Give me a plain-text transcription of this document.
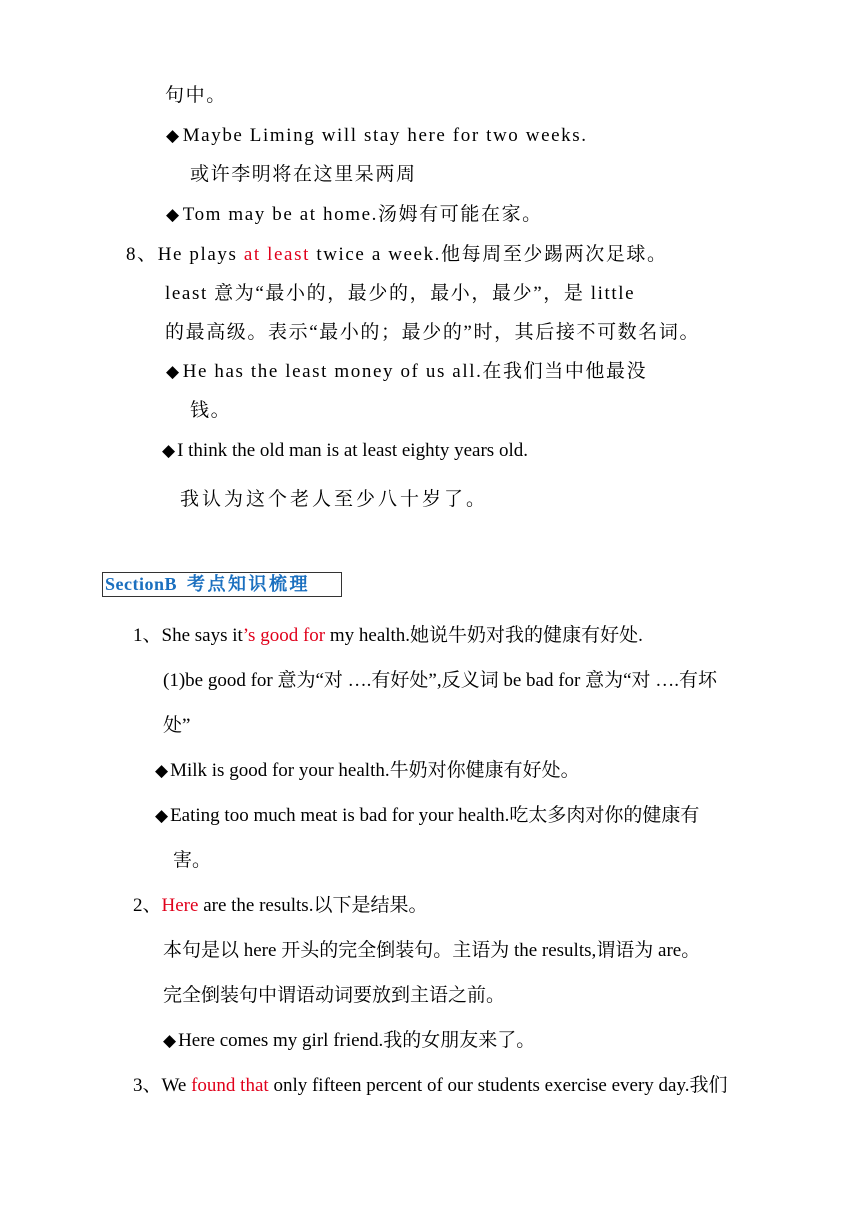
句中。
◆ Maybe Liming will stay here for two weeks.
或许李明将在这里呆两周
◆ Tom may be at home.汤姆有可能在家。
8、He plays at least twice a week.他每周至少踢两次足球。
least 意为“最小的，最少的，最小，最少”，是 little
的最高级。表示“最小的；最少的”时，其后接不可数名词。
◆ He has the least money of us all.在我们当中他最没
钱。
◆ I think the old man is at least eighty years old.
我认为这个老人至少八十岁了。
SectionB 考点知识梳理
1、She says it’s good for my health.她说牛奶对我的健康有好处.
(1)be good for 意为“对 ….有好处”,反义词 be bad for 意为“对 ….有坏
处”
◆ Milk is good for your health.牛奶对你健康有好处。
◆ Eating too much meat is bad for your health.吃太多肉对你的健康有
害。
2、Here are the results.以下是结果。
本句是以 here 开头的完全倒装句。主语为 the results,谓语为 are。
完全倒装句中谓语动词要放到主语之前。
◆ Here comes my girl friend.我的女朋友来了。
3、We found that only fifteen percent of our students exercise every day.我们
